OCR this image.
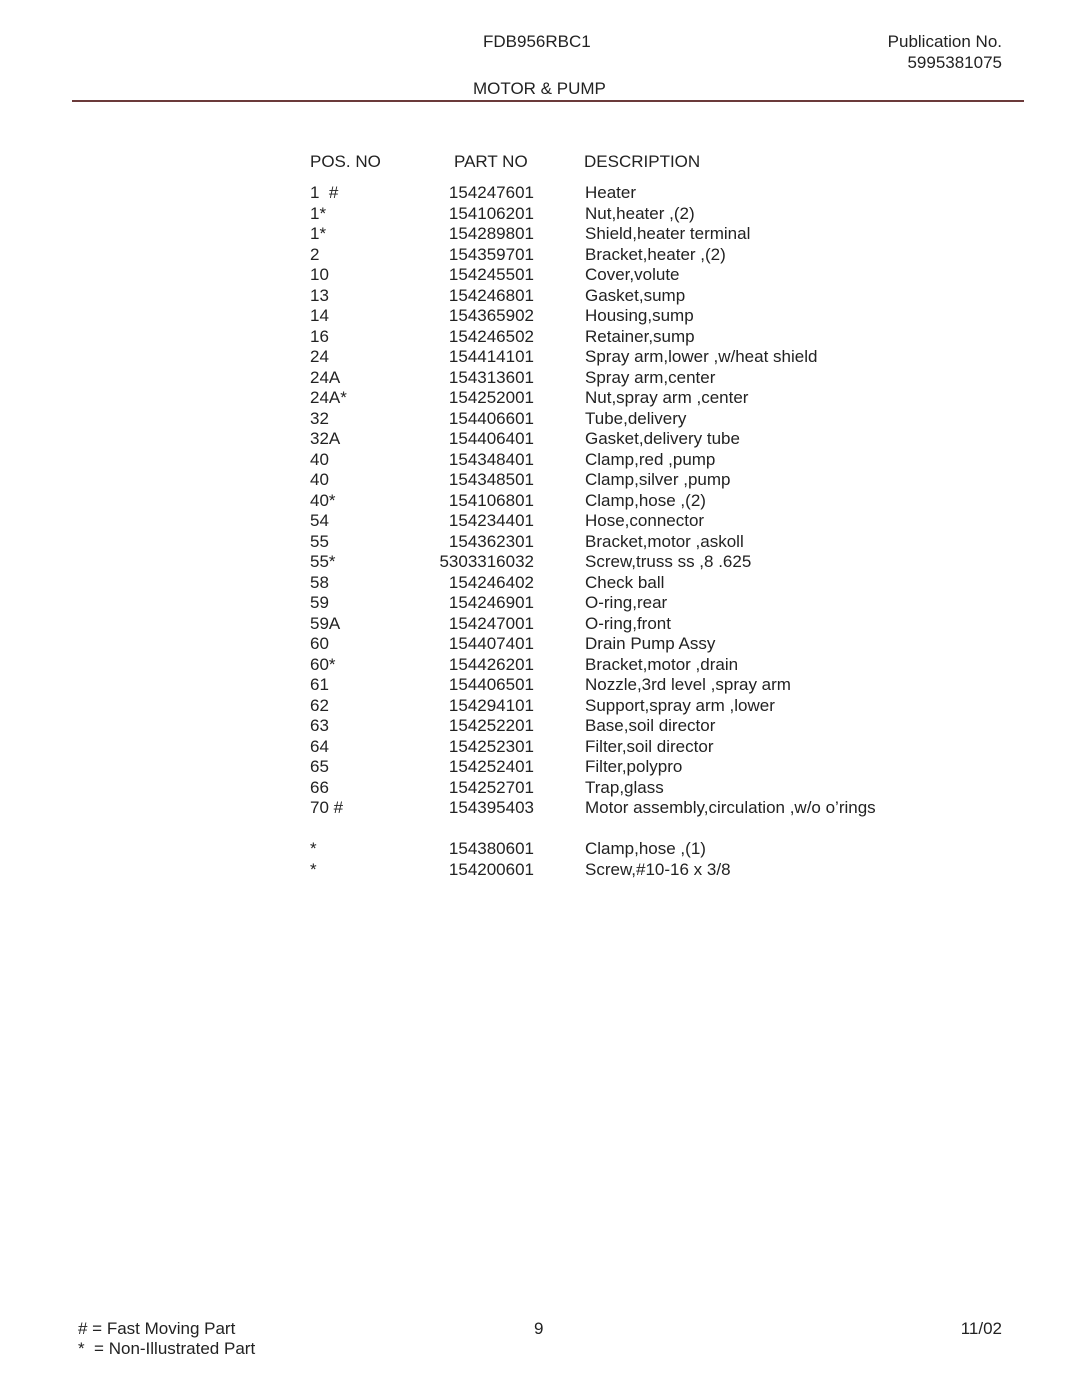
FDB956RBC1	Publication No.
5995381075
MOTOR & PUMP
POS. NO	PART NO	DESCRIPTION
1  #	154247601	Heater
1*	154106201	Nut,heater ,(2)
1*	154289801	Shield,heater terminal
2	154359701	Bracket,heater ,(2)
10	154245501	Cover,volute
13	154246801	Gasket,sump
14	154365902	Housing,sump
16	154246502	Retainer,sump
24	154414101	Spray arm,lower ,w/heat shield
24A	154313601	Spray arm,center
24A*	154252001	Nut,spray arm ,center
32	154406601	Tube,delivery
32A	154406401	Gasket,delivery tube
40	154348401	Clamp,red ,pump
40	154348501	Clamp,silver ,pump
40*	154106801	Clamp,hose ,(2)
54	154234401	Hose,connector
55	154362301	Bracket,motor ,askoll
55*	5303316032	Screw,truss ss ,8 .625
58	154246402	Check ball
59	154246901	O-ring,rear
59A	154247001	O-ring,front
60	154407401	Drain Pump Assy
60*	154426201	Bracket,motor ,drain
61	154406501	Nozzle,3rd level ,spray arm
62	154294101	Support,spray arm ,lower
63	154252201	Base,soil director
64	154252301	Filter,soil director
65	154252401	Filter,polypro
66	154252701	Trap,glass
70 #	154395403	Motor assembly,circulation ,w/o o’rings
*	154380601	Clamp,hose ,(1)
*	154200601	Screw,#10-16 x 3/8
# = Fast Moving Part
*  = Non-Illustrated Part
9	11/02
